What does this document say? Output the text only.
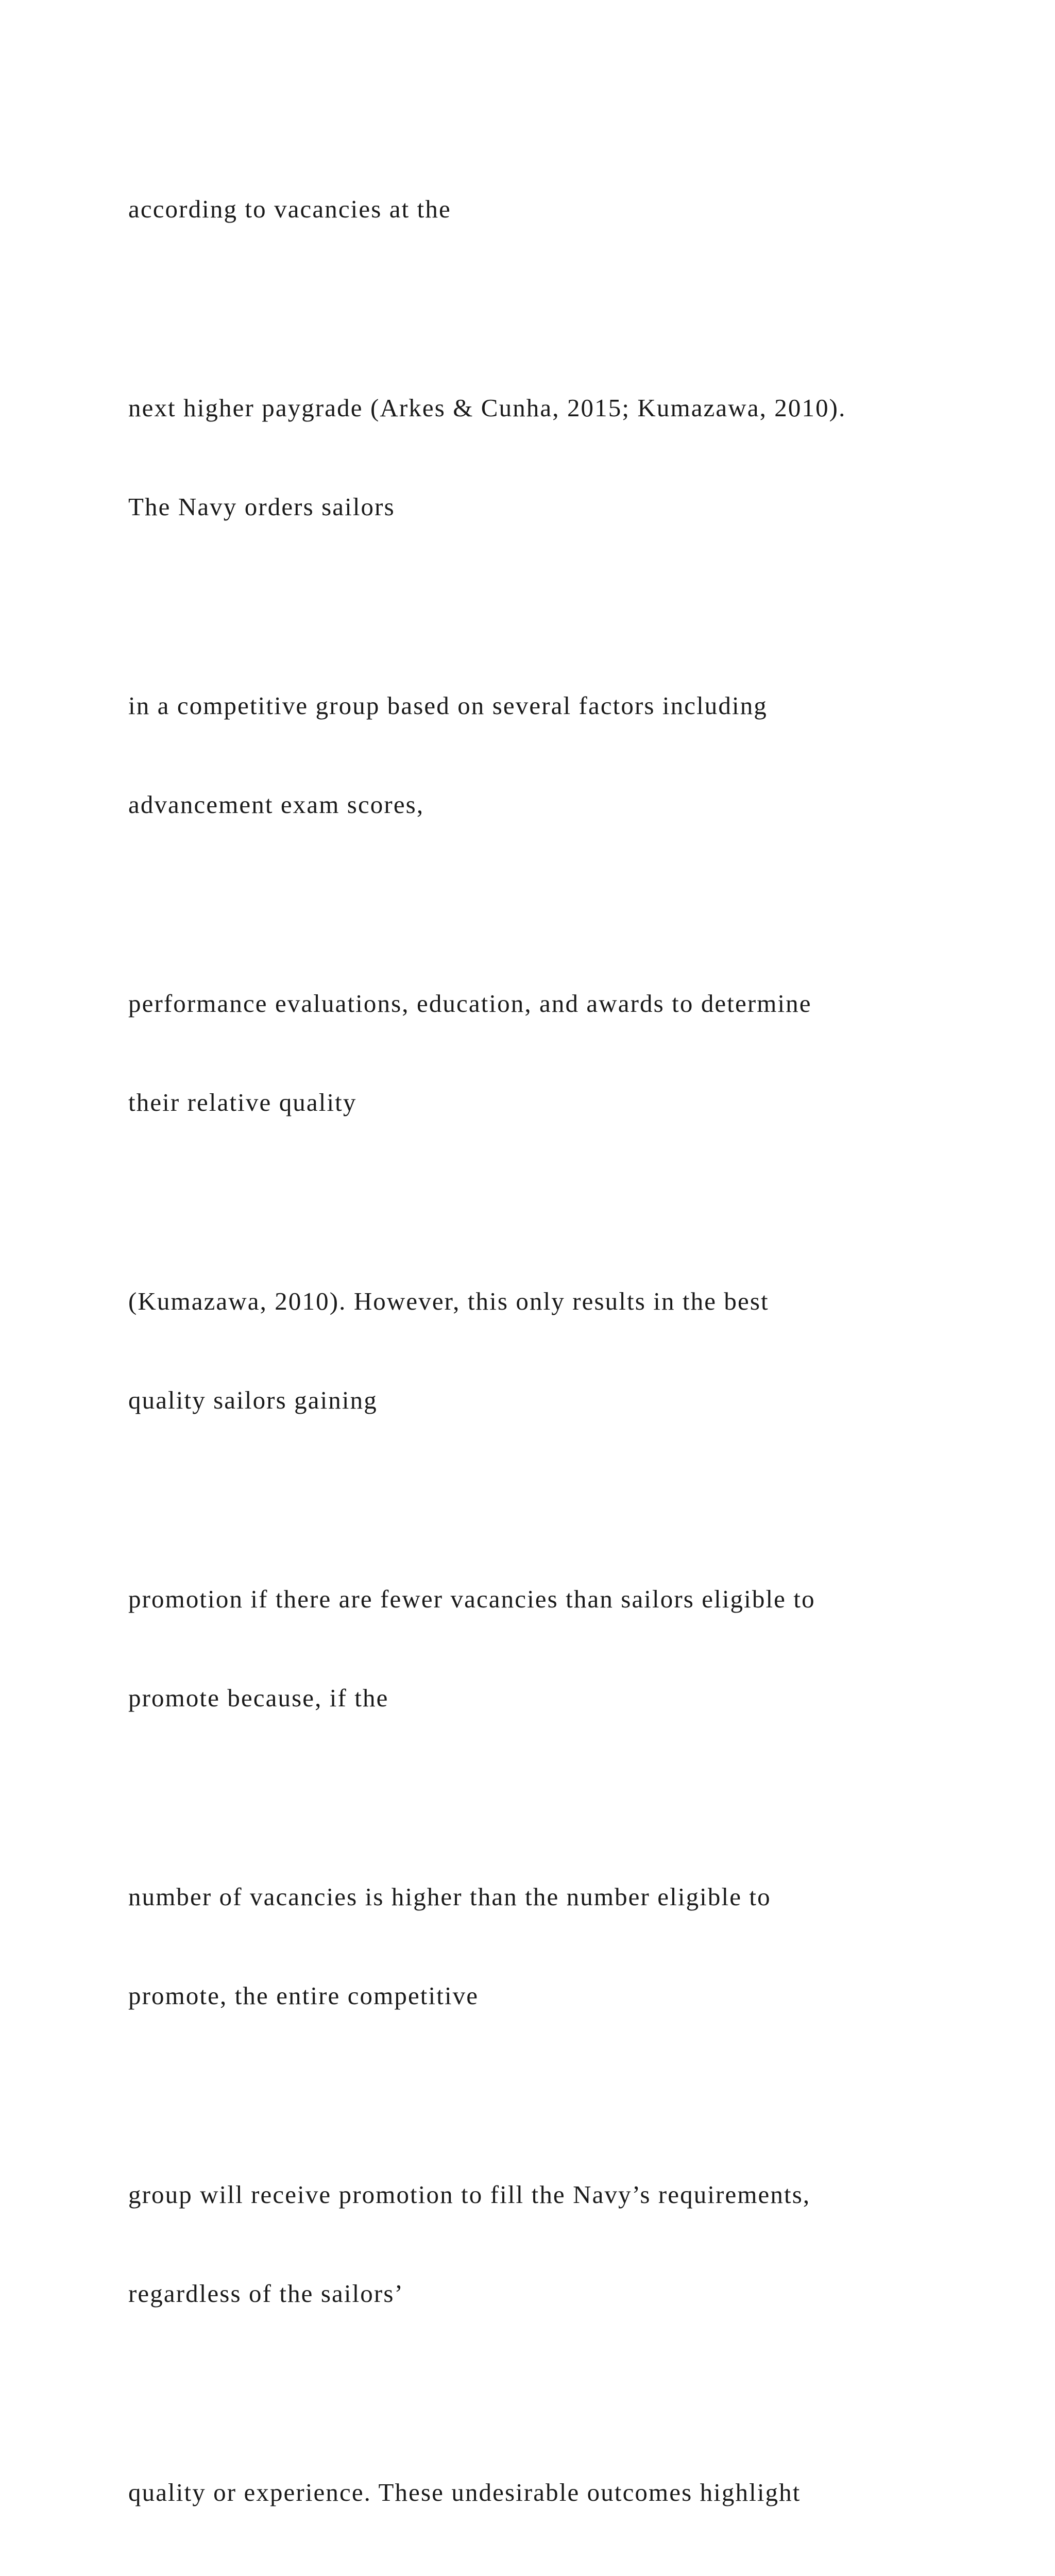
according to vacancies at the

next higher paygrade (Arkes & Cunha, 2015; Kumazawa, 2010).

The Navy orders sailors

in a competitive group based on several factors including

advancement exam scores,

performance evaluations, education, and awards to determine

their relative quality

(Kumazawa, 2010). However, this only results in the best

quality sailors gaining

promotion if there are fewer vacancies than sailors eligible to

promote because, if the

number of vacancies is higher than the number eligible to

promote, the entire competitive

group will receive promotion to fill the Navy’s requirements,

regardless of the sailors’

quality or experience. These undesirable outcomes highlight
